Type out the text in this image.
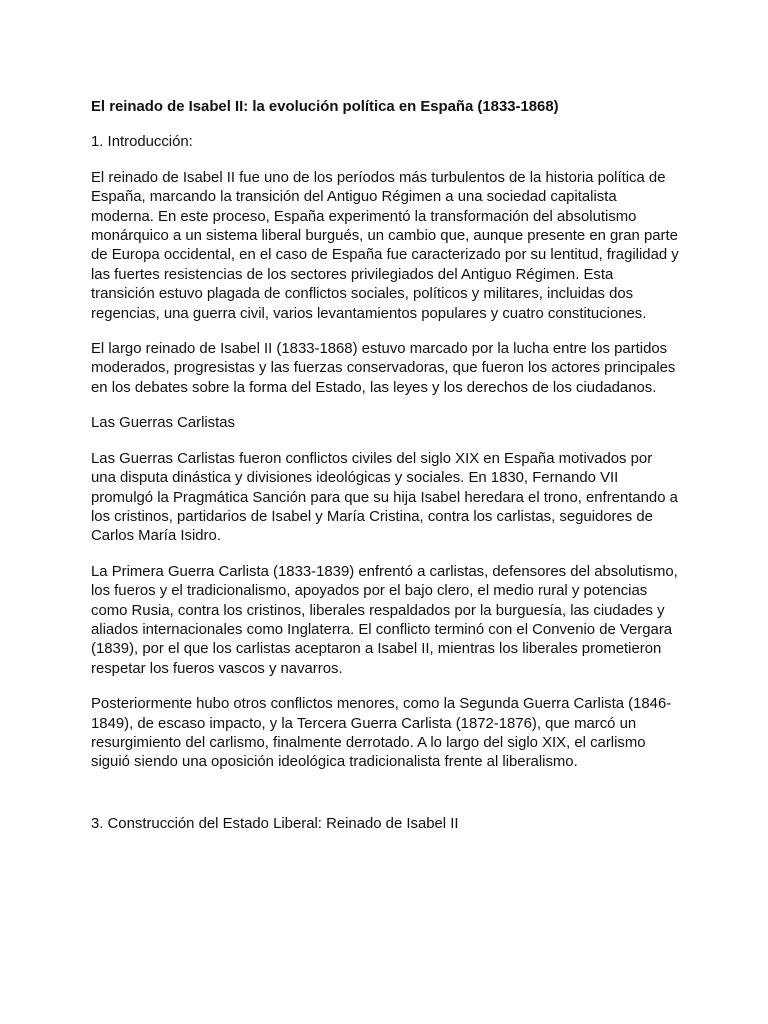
El reinado de Isabel II: la evolución política en España (1833-1868)

1. Introducción:

El reinado de Isabel II fue uno de los períodos más turbulentos de la historia política de España, marcando la transición del Antiguo Régimen a una sociedad capitalista moderna. En este proceso, España experimentó la transformación del absolutismo monárquico a un sistema liberal burgués, un cambio que, aunque presente en gran parte de Europa occidental, en el caso de España fue caracterizado por su lentitud, fragilidad y las fuertes resistencias de los sectores privilegiados del Antiguo Régimen. Esta transición estuvo plagada de conflictos sociales, políticos y militares, incluidas dos regencias, una guerra civil, varios levantamientos populares y cuatro constituciones.

El largo reinado de Isabel II (1833-1868) estuvo marcado por la lucha entre los partidos moderados, progresistas y las fuerzas conservadoras, que fueron los actores principales en los debates sobre la forma del Estado, las leyes y los derechos de los ciudadanos.

Las Guerras Carlistas

Las Guerras Carlistas fueron conflictos civiles del siglo XIX en España motivados por una disputa dinástica y divisiones ideológicas y sociales. En 1830, Fernando VII promulgó la Pragmática Sanción para que su hija Isabel heredara el trono, enfrentando a los cristinos, partidarios de Isabel y María Cristina, contra los carlistas, seguidores de Carlos María Isidro.

La Primera Guerra Carlista (1833-1839) enfrentó a carlistas, defensores del absolutismo, los fueros y el tradicionalismo, apoyados por el bajo clero, el medio rural y potencias como Rusia, contra los cristinos, liberales respaldados por la burguesía, las ciudades y aliados internacionales como Inglaterra. El conflicto terminó con el Convenio de Vergara (1839), por el que los carlistas aceptaron a Isabel II, mientras los liberales prometieron respetar los fueros vascos y navarros.

Posteriormente hubo otros conflictos menores, como la Segunda Guerra Carlista (1846-1849), de escaso impacto, y la Tercera Guerra Carlista (1872-1876), que marcó un resurgimiento del carlismo, finalmente derrotado. A lo largo del siglo XIX, el carlismo siguió siendo una oposición ideológica tradicionalista frente al liberalismo.

3. Construcción del Estado Liberal: Reinado de Isabel II
